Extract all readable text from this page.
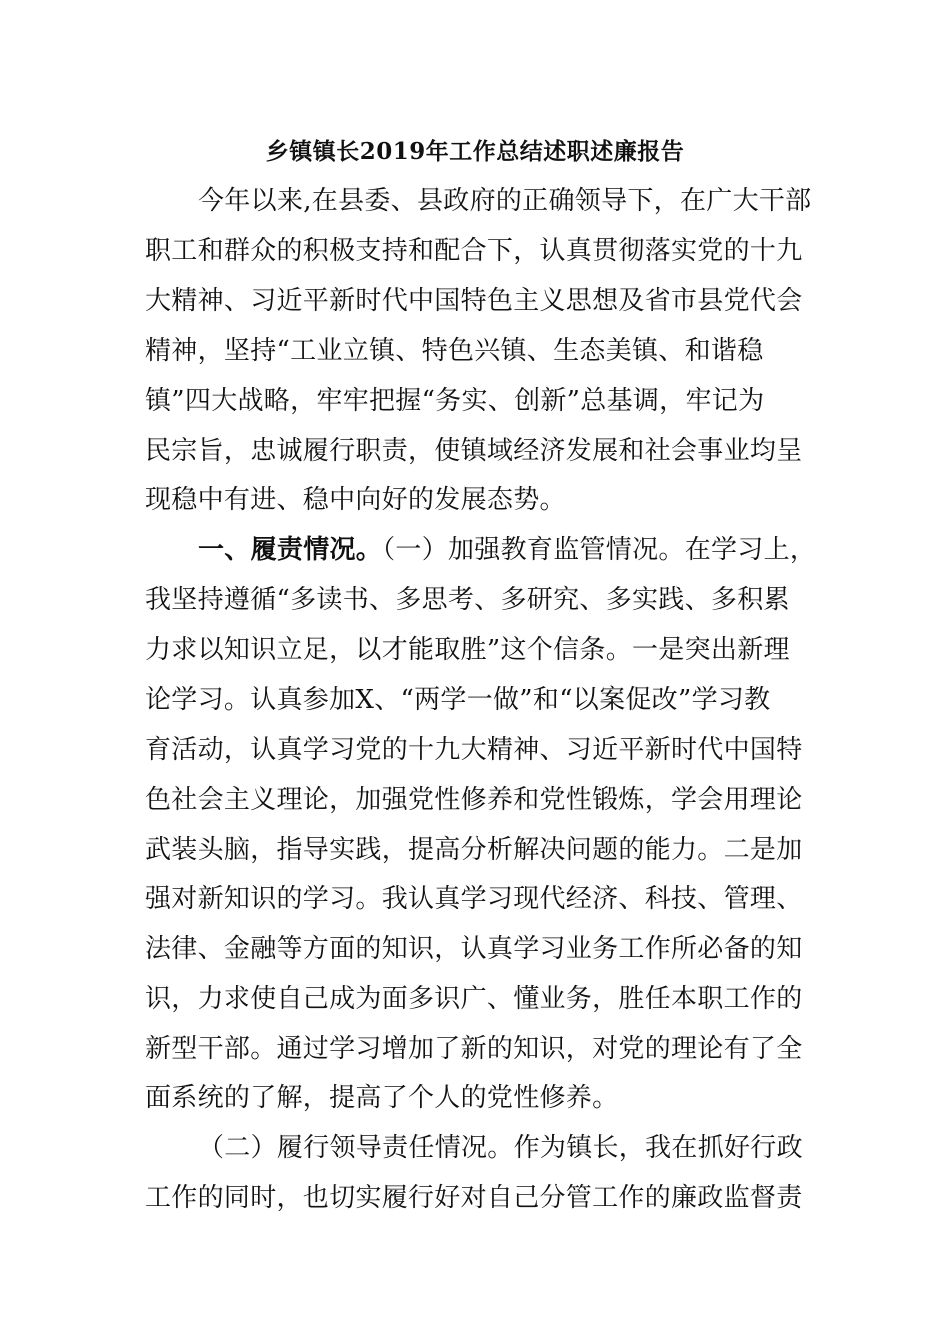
乡镇镇长2019年工作总结述职述廉报告
今年以来,在县委、县政府的正确领导下，在广大干部
职工和群众的积极支持和配合下，认真贯彻落实党的十九
大精神、习近平新时代中国特色主义思想及省市县党代会
精神，坚持“工业立镇、特色兴镇、生态美镇、和谐稳
镇”四大战略，牢牢把握“务实、创新”总基调，牢记为
民宗旨，忠诚履行职责，使镇域经济发展和社会事业均呈
现稳中有进、稳中向好的发展态势。
一、履责情况。（一）加强教育监管情况。在学习上，
我坚持遵循“多读书、多思考、多研究、多实践、多积累
力求以知识立足，以才能取胜”这个信条。一是突出新理
论学习。认真参加X、“两学一做”和“以案促改”学习教
育活动，认真学习党的十九大精神、习近平新时代中国特
色社会主义理论，加强党性修养和党性锻炼，学会用理论
武装头脑，指导实践，提高分析解决问题的能力。二是加
强对新知识的学习。我认真学习现代经济、科技、管理、
法律、金融等方面的知识，认真学习业务工作所必备的知
识，力求使自己成为面多识广、懂业务，胜任本职工作的
新型干部。通过学习增加了新的知识，对党的理论有了全
面系统的了解，提高了个人的党性修养。
（二）履行领导责任情况。作为镇长，我在抓好行政
工作的同时，也切实履行好对自己分管工作的廉政监督责
